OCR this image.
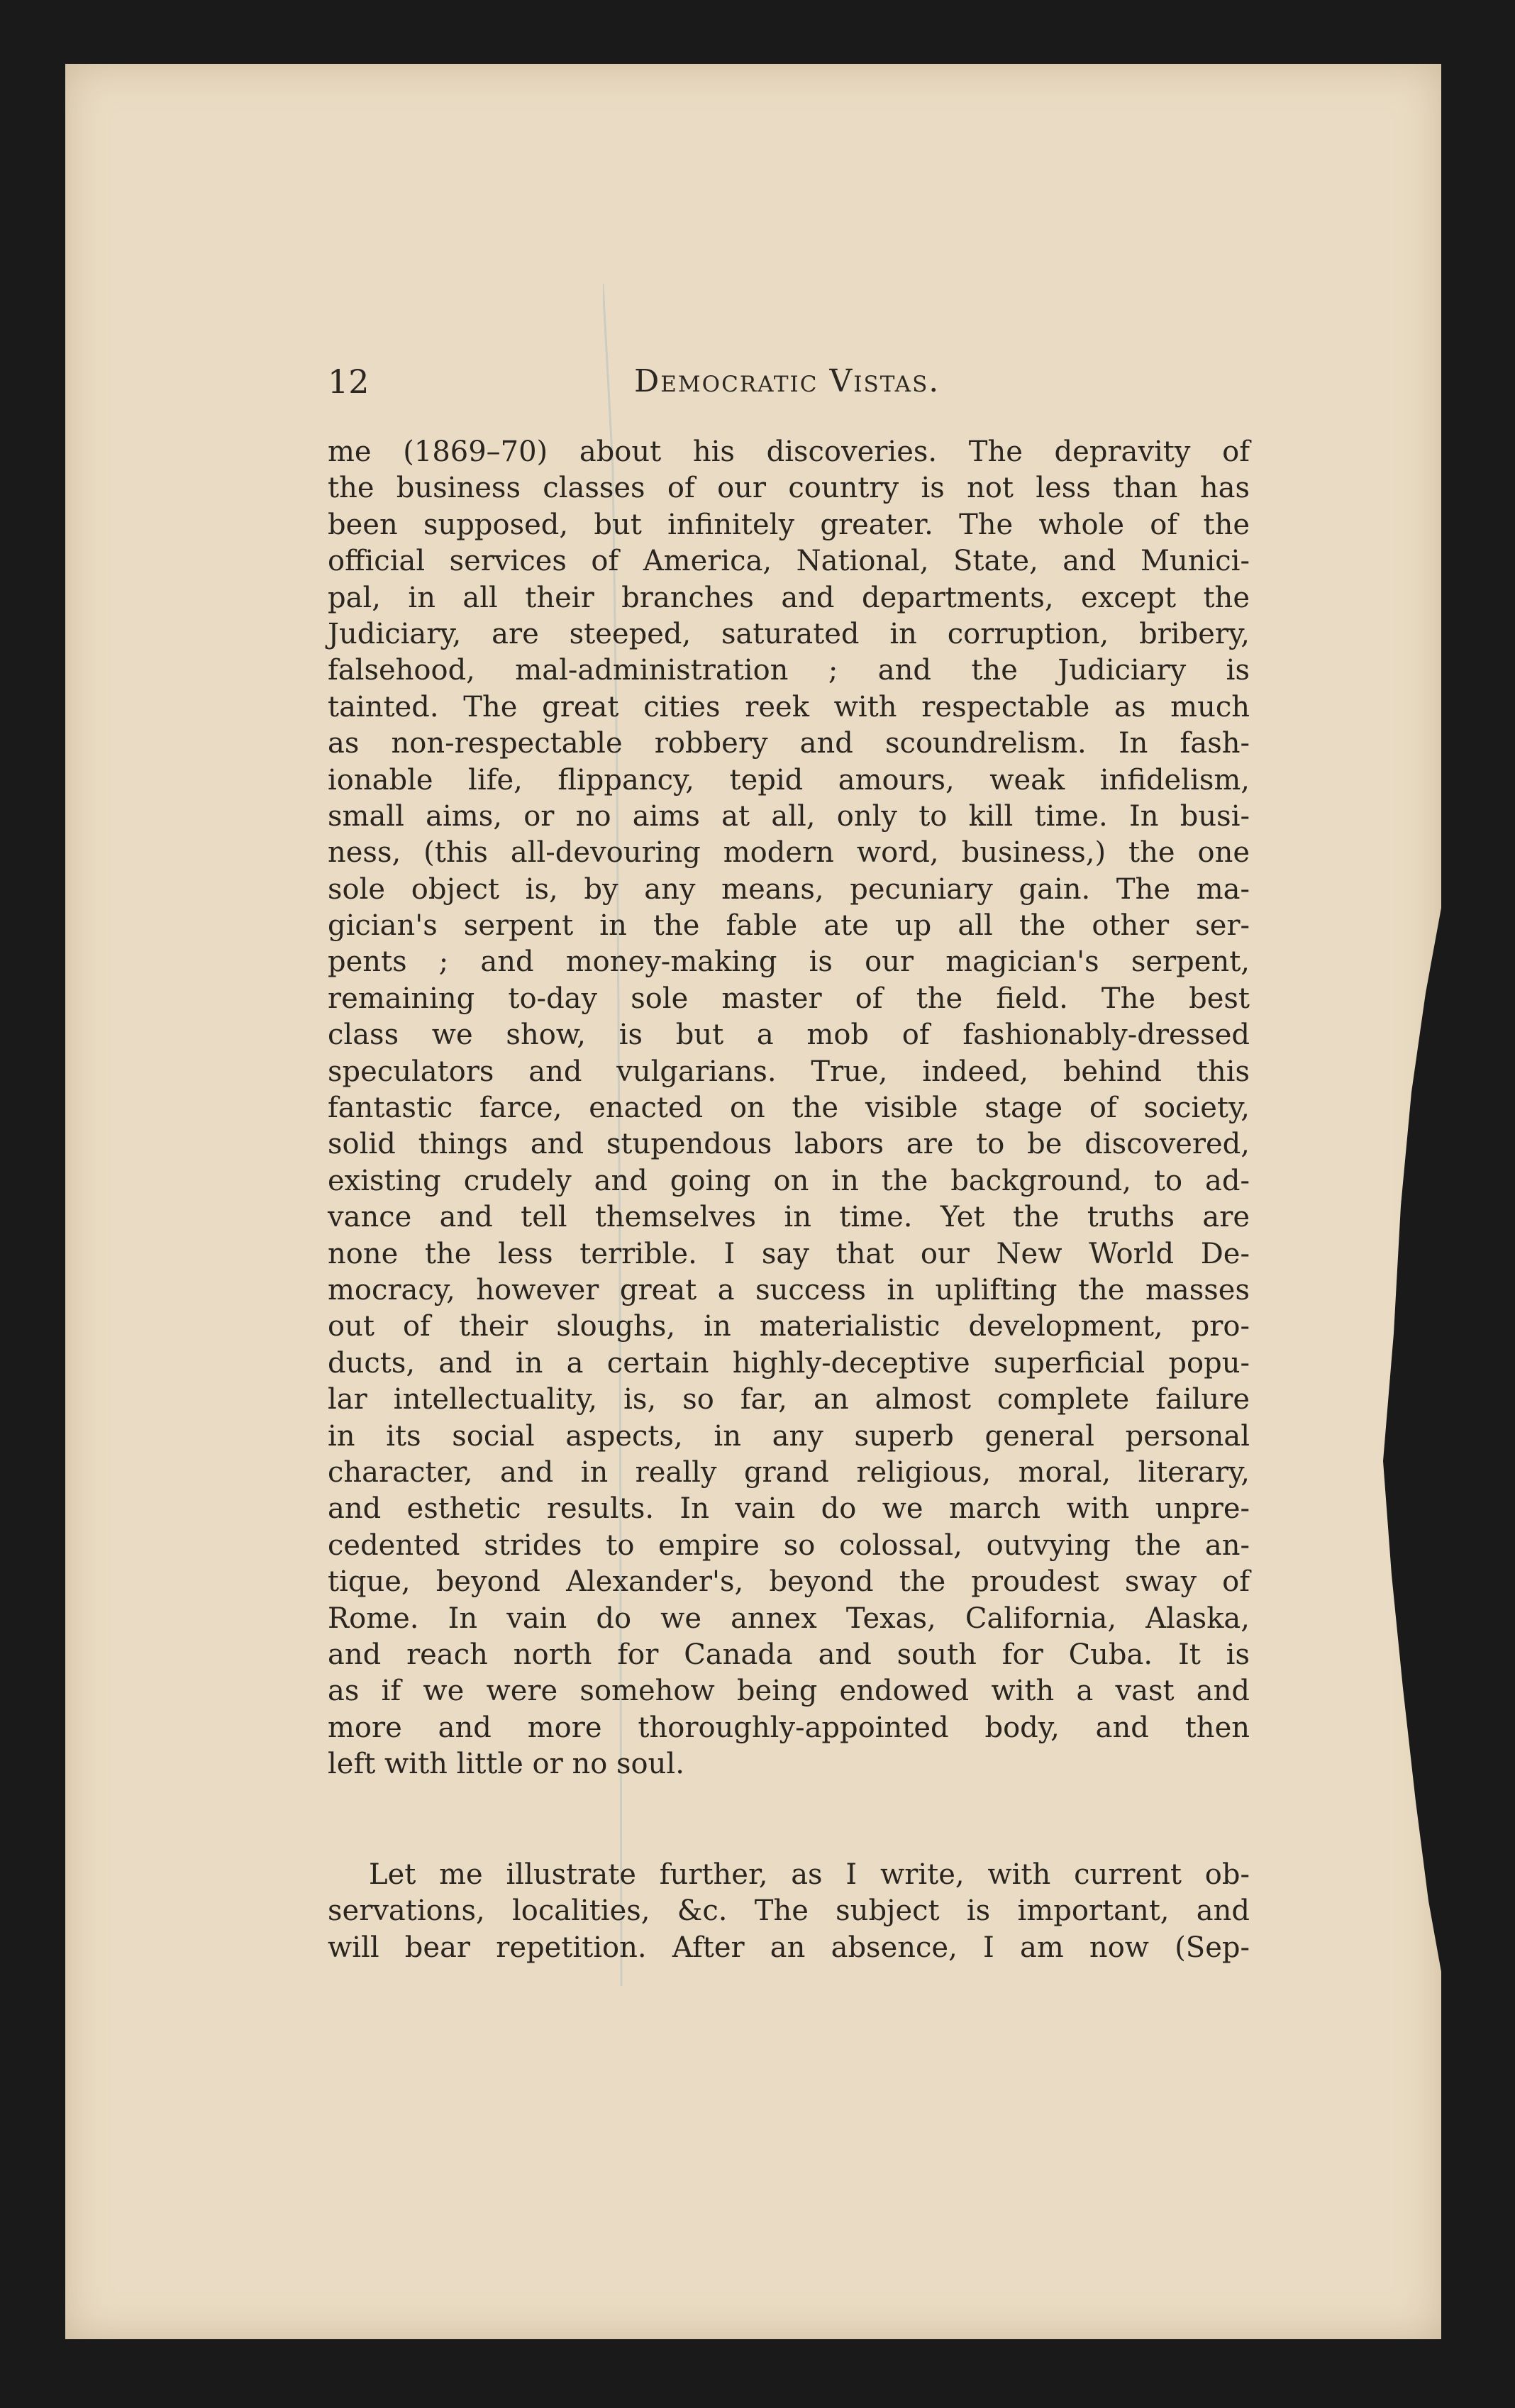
12	Democratic Vistas.
me (1869–70) about his discoveries. The depravity of
the business classes of our country is not less than has
been supposed, but infinitely greater. The whole of the
official services of America, National, State, and Munici-
pal, in all their branches and departments, except the
Judiciary, are steeped, saturated in corruption, bribery,
falsehood, mal-administration ; and the Judiciary is
tainted. The great cities reek with respectable as much
as non-respectable robbery and scoundrelism. In fash-
ionable life, flippancy, tepid amours, weak infidelism,
small aims, or no aims at all, only to kill time. In busi-
ness, (this all-devouring modern word, business,) the one
sole object is, by any means, pecuniary gain. The ma-
gician's serpent in the fable ate up all the other ser-
pents ; and money-making is our magician's serpent,
remaining to-day sole master of the field. The best
class we show, is but a mob of fashionably-dressed
speculators and vulgarians. True, indeed, behind this
fantastic farce, enacted on the visible stage of society,
solid things and stupendous labors are to be discovered,
existing crudely and going on in the background, to ad-
vance and tell themselves in time. Yet the truths are
none the less terrible. I say that our New World De-
mocracy, however great a success in uplifting the masses
out of their sloughs, in materialistic development, pro-
ducts, and in a certain highly-deceptive superficial popu-
lar intellectuality, is, so far, an almost complete failure
in its social aspects, in any superb general personal
character, and in really grand religious, moral, literary,
and esthetic results. In vain do we march with unpre-
cedented strides to empire so colossal, outvying the an-
tique, beyond Alexander's, beyond the proudest sway of
Rome. In vain do we annex Texas, California, Alaska,
and reach north for Canada and south for Cuba. It is
as if we were somehow being endowed with a vast and
more and more thoroughly-appointed body, and then
left with little or no soul.
Let me illustrate further, as I write, with current ob-
servations, localities, &c. The subject is important, and
will bear repetition. After an absence, I am now (Sep-
